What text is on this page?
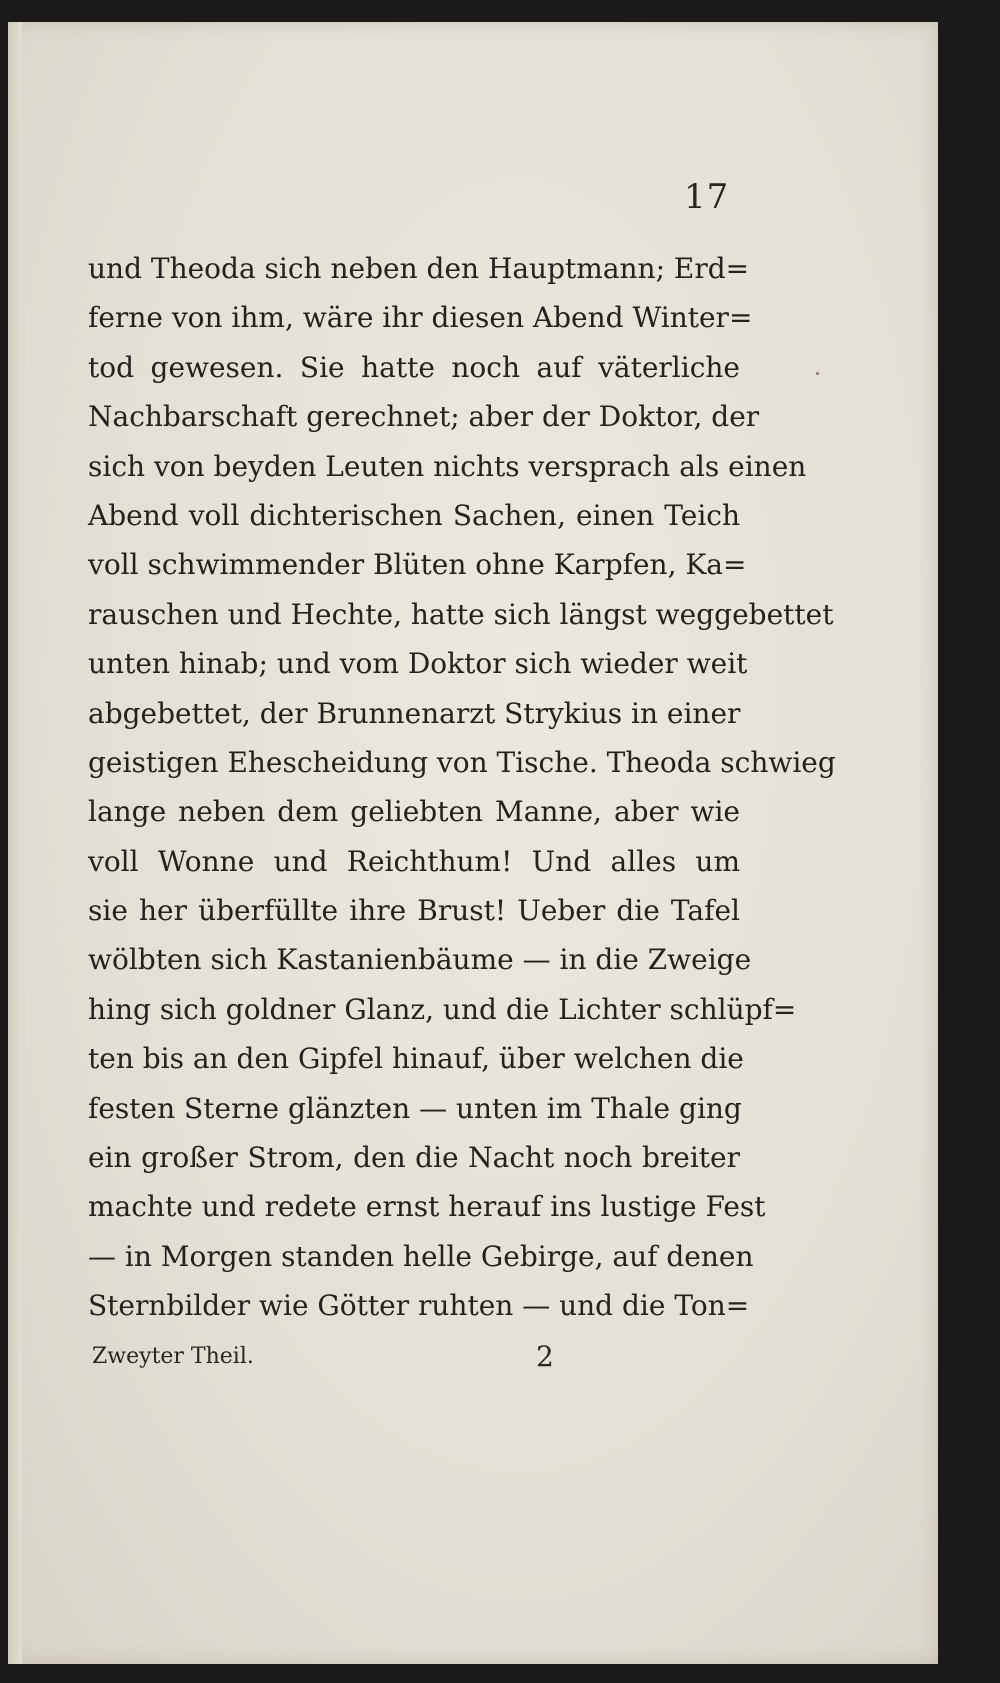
17
und Theoda sich neben den Hauptmann; Erd=
ferne von ihm, wäre ihr diesen Abend Winter=
tod gewesen. Sie hatte noch auf väterliche
Nachbarschaft gerechnet; aber der Doktor, der
sich von beyden Leuten nichts versprach als einen
Abend voll dichterischen Sachen, einen Teich
voll schwimmender Blüten ohne Karpfen, Ka=
rauschen und Hechte, hatte sich längst weggebettet
unten hinab; und vom Doktor sich wieder weit
abgebettet, der Brunnenarzt Strykius in einer
geistigen Ehescheidung von Tische. Theoda schwieg
lange neben dem geliebten Manne, aber wie
voll Wonne und Reichthum! Und alles um
sie her überfüllte ihre Brust! Ueber die Tafel
wölbten sich Kastanienbäume — in die Zweige
hing sich goldner Glanz, und die Lichter schlüpf=
ten bis an den Gipfel hinauf, über welchen die
festen Sterne glänzten — unten im Thale ging
ein großer Strom, den die Nacht noch breiter
machte und redete ernst herauf ins lustige Fest
— in Morgen standen helle Gebirge, auf denen
Sternbilder wie Götter ruhten — und die Ton=
Zweyter Theil.	2
